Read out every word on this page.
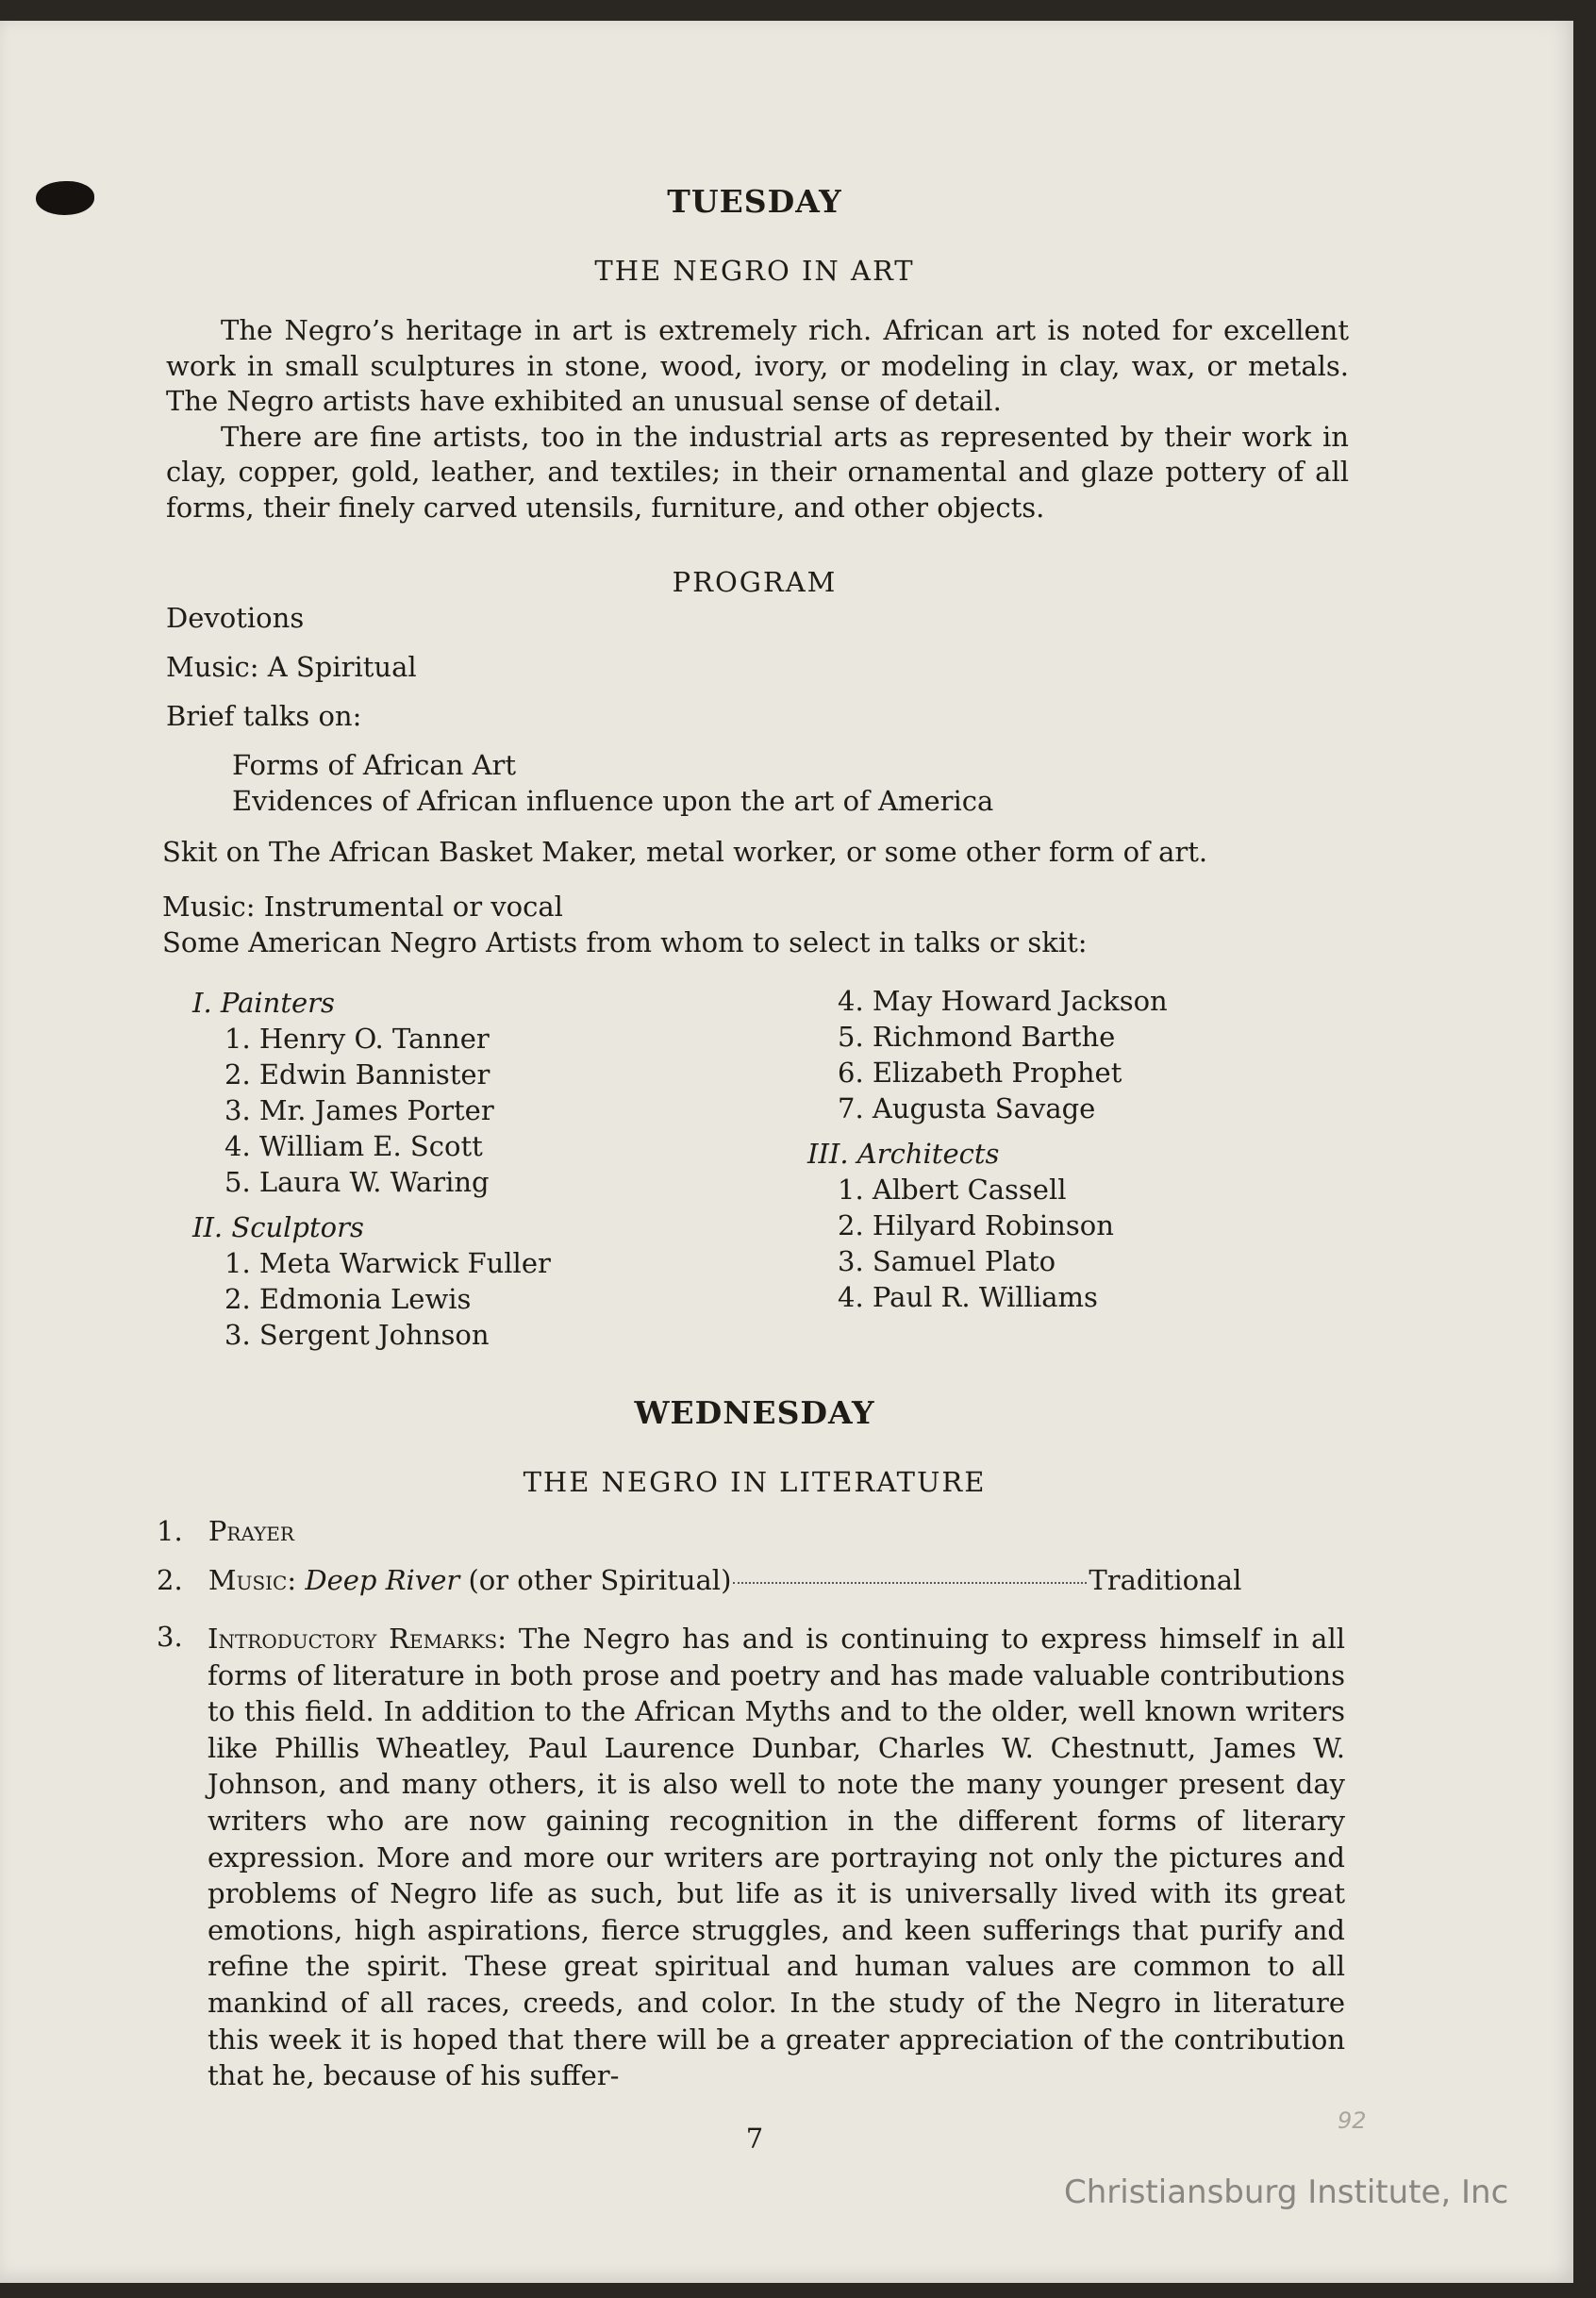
TUESDAY
THE NEGRO IN ART

The Negro’s heritage in art is extremely rich. African art is noted for excellent work in small sculptures in stone, wood, ivory, or modeling in clay, wax, or metals. The Negro artists have exhibited an unusual sense of detail.

There are fine artists, too in the industrial arts as represented by their work in clay, copper, gold, leather, and textiles; in their ornamental and glaze pottery of all forms, their finely carved utensils, furniture, and other objects.

PROGRAM
Devotions
Music: A Spiritual
Brief talks on:
Forms of African Art
Evidences of African influence upon the art of America
Skit on The African Basket Maker, metal worker, or some other form of art.
Music: Instrumental or vocal
Some American Negro Artists from whom to select in talks or skit:
I. Painters
1. Henry O. Tanner
2. Edwin Bannister
3. Mr. James Porter
4. William E. Scott
5. Laura W. Waring
II. Sculptors
1. Meta Warwick Fuller
2. Edmonia Lewis
3. Sergent Johnson
4. May Howard Jackson
5. Richmond Barthe
6. Elizabeth Prophet
7. Augusta Savage
III. Architects
1. Albert Cassell
2. Hilyard Robinson
3. Samuel Plato
4. Paul R. Williams
WEDNESDAY
THE NEGRO IN LITERATURE
1. Prayer
2. Music: Deep River (or other Spiritual)	Traditional
3. Introductory Remarks: The Negro has and is continuing to express himself in all forms of literature in both prose and poetry and has made valuable contributions to this field. In addition to the African Myths and to the older, well known writers like Phillis Wheatley, Paul Laurence Dunbar, Charles W. Chestnutt, James W. Johnson, and many others, it is also well to note the many younger present day writers who are now gaining recognition in the different forms of literary expression. More and more our writers are portraying not only the pictures and problems of Negro life as such, but life as it is universally lived with its great emotions, high aspirations, fierce struggles, and keen sufferings that purify and refine the spirit. These great spiritual and human values are common to all mankind of all races, creeds, and color. In the study of the Negro in literature this week it is hoped that there will be a greater appreciation of the contribution that he, because of his suffer-
7
92
Christiansburg Institute, Inc
